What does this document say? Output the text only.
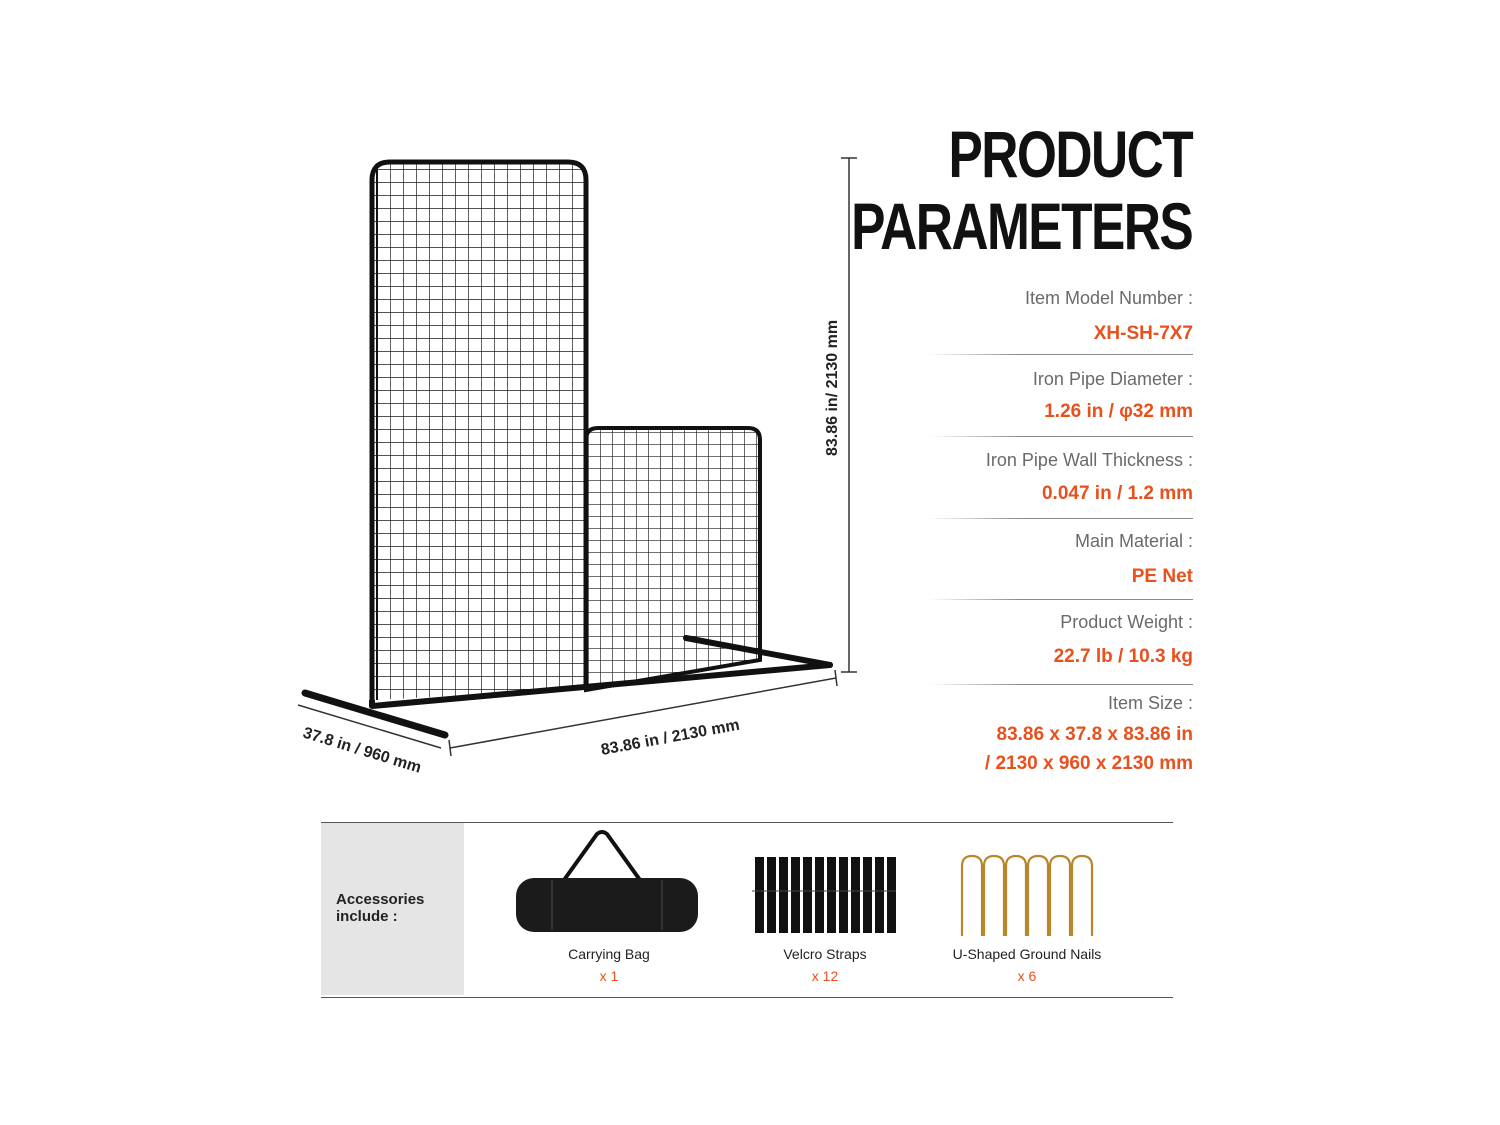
83.86 in/ 2130 mm
83.86 in / 2130 mm
37.8 in / 960 mm
PRODUCT
PARAMETERS
Item Model Number :
XH-SH-7X7
Iron Pipe Diameter :
1.26 in / φ32 mm
Iron Pipe Wall Thickness :
0.047 in / 1.2 mm
Main Material :
PE Net
Product Weight :
22.7 lb / 10.3 kg
Item Size :
83.86 x 37.8 x 83.86 in
/ 2130 x 960 x 2130 mm
Accessories include :
Carrying Bag
x 1
Velcro Straps
x 12
U-Shaped Ground Nails
x 6
